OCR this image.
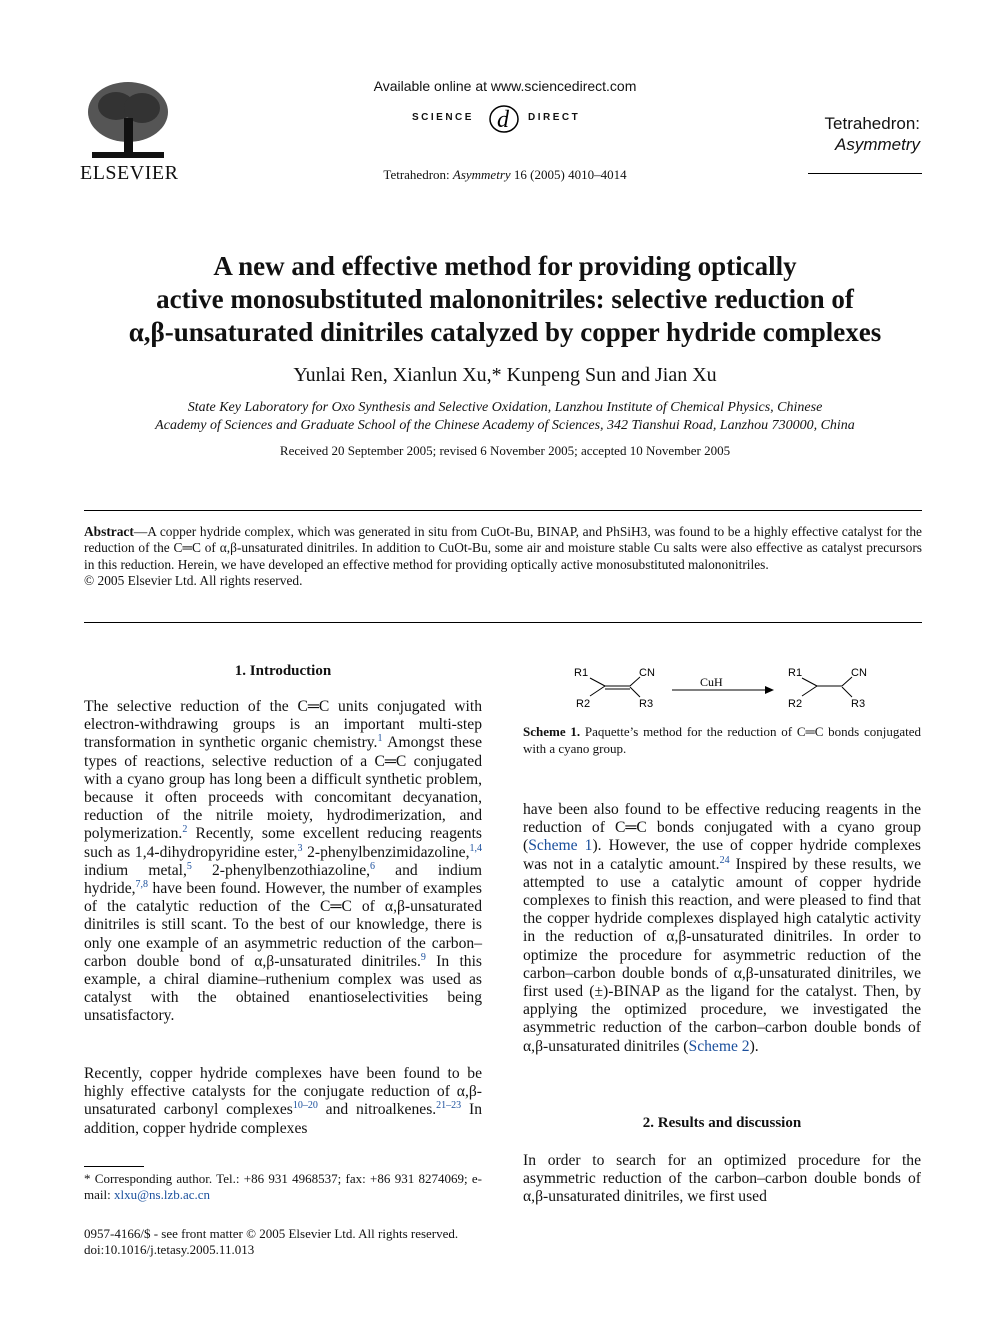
ELSEVIER
Available online at www.sciencedirect.com
SCIENCE d DIRECT
Tetrahedron: Asymmetry 16 (2005) 4010–4014
Tetrahedron:
Asymmetry
A new and effective method for providing optically
active monosubstituted malononitriles: selective reduction of
α,β-unsaturated dinitriles catalyzed by copper hydride complexes
Yunlai Ren, Xianlun Xu,* Kunpeng Sun and Jian Xu
State Key Laboratory for Oxo Synthesis and Selective Oxidation, Lanzhou Institute of Chemical Physics, Chinese
Academy of Sciences and Graduate School of the Chinese Academy of Sciences, 342 Tianshui Road, Lanzhou 730000, China
Received 20 September 2005; revised 6 November 2005; accepted 10 November 2005
Abstract—A copper hydride complex, which was generated in situ from CuOt-Bu, BINAP, and PhSiH3, was found to be a highly effective catalyst for the reduction of the C═C of α,β-unsaturated dinitriles. In addition to CuOt-Bu, some air and moisture stable Cu salts were also effective as catalyst precursors in this reduction. Herein, we have developed an effective method for providing optically active monosubstituted malononitriles.
© 2005 Elsevier Ltd. All rights reserved.
1. Introduction
The selective reduction of the C═C units conjugated with electron-withdrawing groups is an important multi-step transformation in synthetic organic chemistry.$^1$ Amongst these types of reactions, selective reduction of a C═C conjugated with a cyano group has long been a difficult synthetic problem, because it often proceeds with concomitant decyanation, reduction of the nitrile moiety, hydrodimerization, and polymerization.$^2$ Recently, some excellent reducing reagents such as 1,4-dihydropyridine ester,$^3$ 2-phenylbenzimidazoline,$^{1,4}$ indium metal,$^5$ 2-phenylbenzothiazoline,$^6$ and indium hydride,$^{7,8}$ have been found. However, the number of examples of the catalytic reduction of the C═C of α,β-unsaturated dinitriles is still scant. To the best of our knowledge, there is only one example of an asymmetric reduction of the carbon–carbon double bond of α,β-unsaturated dinitriles.$^9$ In this example, a chiral diamine–ruthenium complex was used as catalyst with the obtained enantioselectivities being unsatisfactory.
Recently, copper hydride complexes have been found to be highly effective catalysts for the conjugate reduction of α,β-unsaturated carbonyl complexes$^{10-20}$ and nitroalkenes.$^{21-23}$ In addition, copper hydride complexes
* Corresponding author. Tel.: +86 931 4968537; fax: +86 931 8274069; e-mail: xlxu@ns.lzb.ac.cn
0957-4166/$ - see front matter © 2005 Elsevier Ltd. All rights reserved.
doi:10.1016/j.tetasy.2005.11.013
R1
R2
CN
R3
CuH
R1
R2
CN
R3
Scheme 1. Paquette’s method for the reduction of C═C bonds conjugated with a cyano group.
have been also found to be effective reducing reagents in the reduction of C═C bonds conjugated with a cyano group (Scheme 1). However, the use of copper hydride complexes was not in a catalytic amount.$^{24}$ Inspired by these results, we attempted to use a catalytic amount of copper hydride complexes to finish this reaction, and were pleased to find that the copper hydride complexes displayed high catalytic activity in the reduction of α,β-unsaturated dinitriles. In order to optimize the procedure for asymmetric reduction of the carbon–carbon double bonds of α,β-unsaturated dinitriles, we first used (±)-BINAP as the ligand for the catalyst. Then, by applying the optimized procedure, we investigated the asymmetric reduction of the carbon–carbon double bonds of α,β-unsaturated dinitriles (Scheme 2).
2. Results and discussion
In order to search for an optimized procedure for the asymmetric reduction of the carbon–carbon double bonds of α,β-unsaturated dinitriles, we first used
